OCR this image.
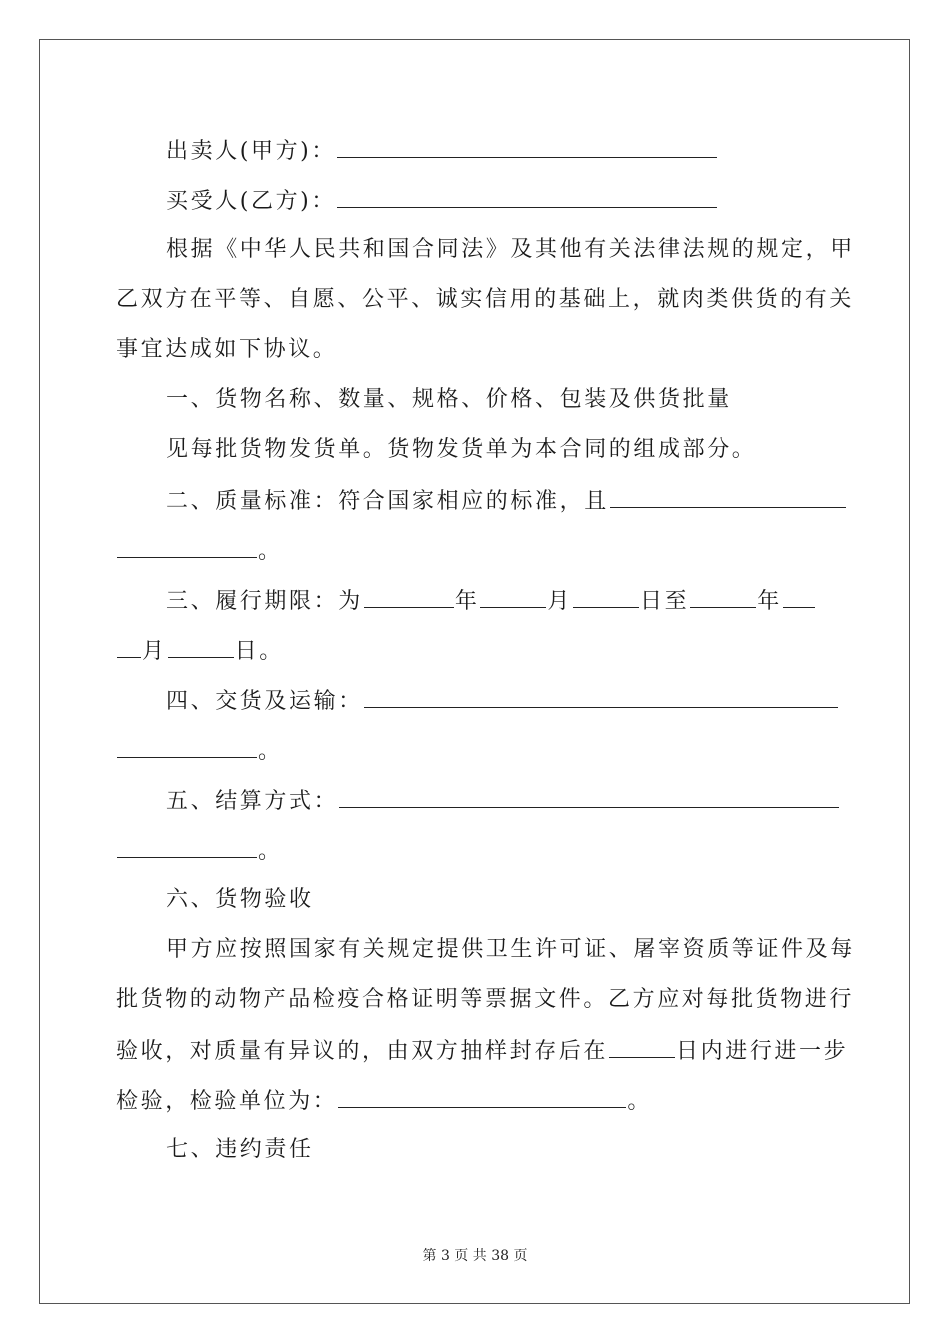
出卖人(甲方)：
买受人(乙方)：
根据《中华人民共和国合同法》及其他有关法律法规的规定，甲
乙双方在平等、自愿、公平、诚实信用的基础上，就肉类供货的有关
事宜达成如下协议。
一、货物名称、数量、规格、价格、包装及供货批量
见每批货物发货单。货物发货单为本合同的组成部分。
二、质量标准：符合国家相应的标准，且
。
三、履行期限：为	年	月	日至	年
月	日。
四、交货及运输：
。
五、结算方式：
。
六、货物验收
甲方应按照国家有关规定提供卫生许可证、屠宰资质等证件及每
批货物的动物产品检疫合格证明等票据文件。乙方应对每批货物进行
验收，对质量有异议的，由双方抽样封存后在	日内进行进一步
检验，检验单位为：	。
七、违约责任
第 3 页 共 38 页
